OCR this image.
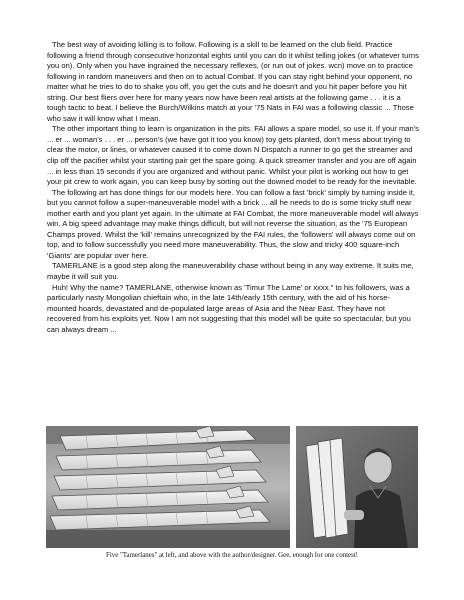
The best way of avoiding killing is to follow. Following is a skill to be learned on the club field. Practice following a friend through consecutive horizontal eights until you can do it whilst telling jokes (or whatever turns you on). Only when you have ingrained the necessary reflexes, (or run out of jokes. wcn) move on to practice following in random maneuvers and then on to actual Combat. If you can stay right behind your opponent, no matter what he tries to do to shake you off, you get the cuts and he doesn't and you hit paper before you hit string. Our best fliers over here for many years now have been real artists at the following game . . . it is a tough tactic to beat. I believe the Burch/Wilkins match at your '75 Nats in FAI was a following classic ... Those who saw it will know what I mean.

The other important thing to learn is organization in the pits. FAI allows a spare model, so use it. If your man's ... er ... woman's . . . er ... person's (we have got it too you know) toy gets planted, don't mess about trying to clear the motor, or lines, or whatever caused it to come down N Dispatch a runner to go get the streamer and clip off the pacifier whilst your starting pair get the spare going. A quick streamer transfer and you are off again ... in less than 15 seconds if you are organized and without panic. Whilst your pilot is working out how to get your pit crew to work again, you can keep busy by sorting out the downed model to be ready for the inevitable.

The following art has done things for our models here. You can follow a fast 'brick' simply by turning inside it, but you cannot follow a super-maneuverable model with a brick ... all he needs to do is some tricky stuff near mother earth and you plant yet again. In the ultimate at FAI Combat, the more maneuverable model will always win. A big speed advantage may make things difficult, but will not reverse the situation, as the '75 European Champs proved. Whilst the 'kill' remains unrecognized by the FAI rules, the 'followers' will always come out on top, and to follow successfully you need more maneuverability. Thus, the slow and tricky 400 square-inch 'Giants' are popular over here.

TAMERLANE is a good step along the maneuverability chase without being in any way extreme. It suits me, maybe it will suit you.

Huh! Why the name? TAMERLANE, otherwise known as 'Timur The Lame' or xxxx." to his followers, was a particularly nasty Mongolian chieftain who, in the late 14th/early 15th century, with the aid of his horse-mounted hoards, devastated and de-populated large areas of Asia and the Near East. They have not recovered from his exploits yet. Now I am not suggesting that this model will be quite so spectacular, but you can always dream ...

Five "Tamerlanes" at left, and above with the author/designer. Gee, enough for one contest!
